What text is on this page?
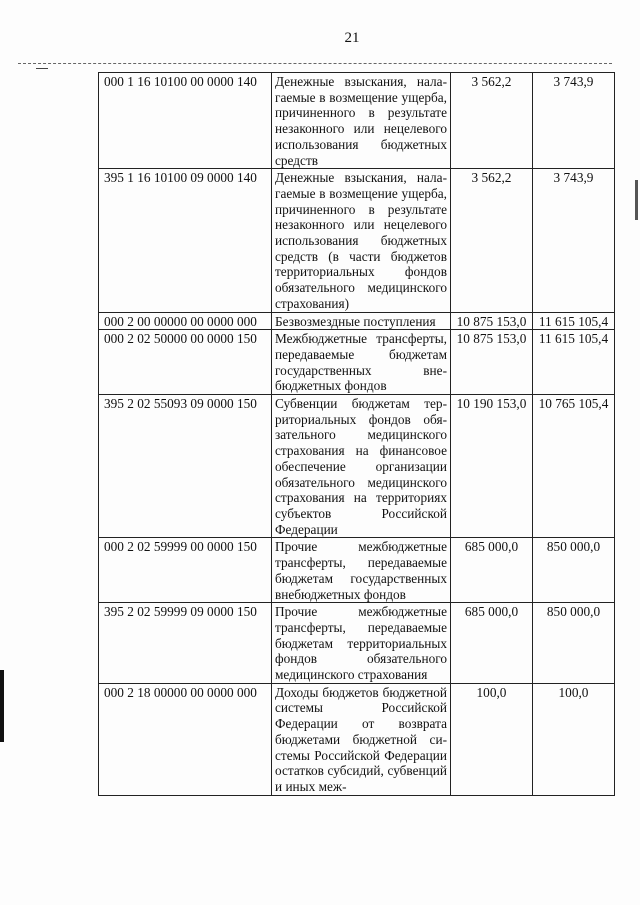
21
000 1 16 10100 00 0000 140	Денежные взыскания, налагаемые в возмещение ущерба, причиненного в результате незаконного или нецелевого использования бюджетных средств	3 562,2	3 743,9
395 1 16 10100 09 0000 140	Денежные взыскания, налагаемые в возмещение ущерба, причиненного в результате незаконного или нецелевого использования бюджетных средств (в части бюджетов территориальных фондов обязательного медицинского страхования)	3 562,2	3 743,9
000 2 00 00000 00 0000 000	Безвозмездные поступления	10 875 153,0	11 615 105,4
000 2 02 50000 00 0000 150	Межбюджетные трансферты, передаваемые бюджетам государственных внебюджетных фондов	10 875 153,0	11 615 105,4
395 2 02 55093 09 0000 150	Субвенции бюджетам территориальных фондов обязательного медицинского страхования на финансовое обеспечение организации обязательного медицинского страхования на территориях субъектов Российской Федерации	10 190 153,0	10 765 105,4
000 2 02 59999 00 0000 150	Прочие межбюджетные трансферты, передаваемые бюджетам государственных внебюджетных фондов	685 000,0	850 000,0
395 2 02 59999 09 0000 150	Прочие межбюджетные трансферты, передаваемые бюджетам территориальных фондов обязательного медицинского страхования	685 000,0	850 000,0
000 2 18 00000 00 0000 000	Доходы бюджетов бюджетной системы Российской Федерации от возврата бюджетами бюджетной системы Российской Федерации остатков субсидий, субвенций и иных меж-	100,0	100,0
